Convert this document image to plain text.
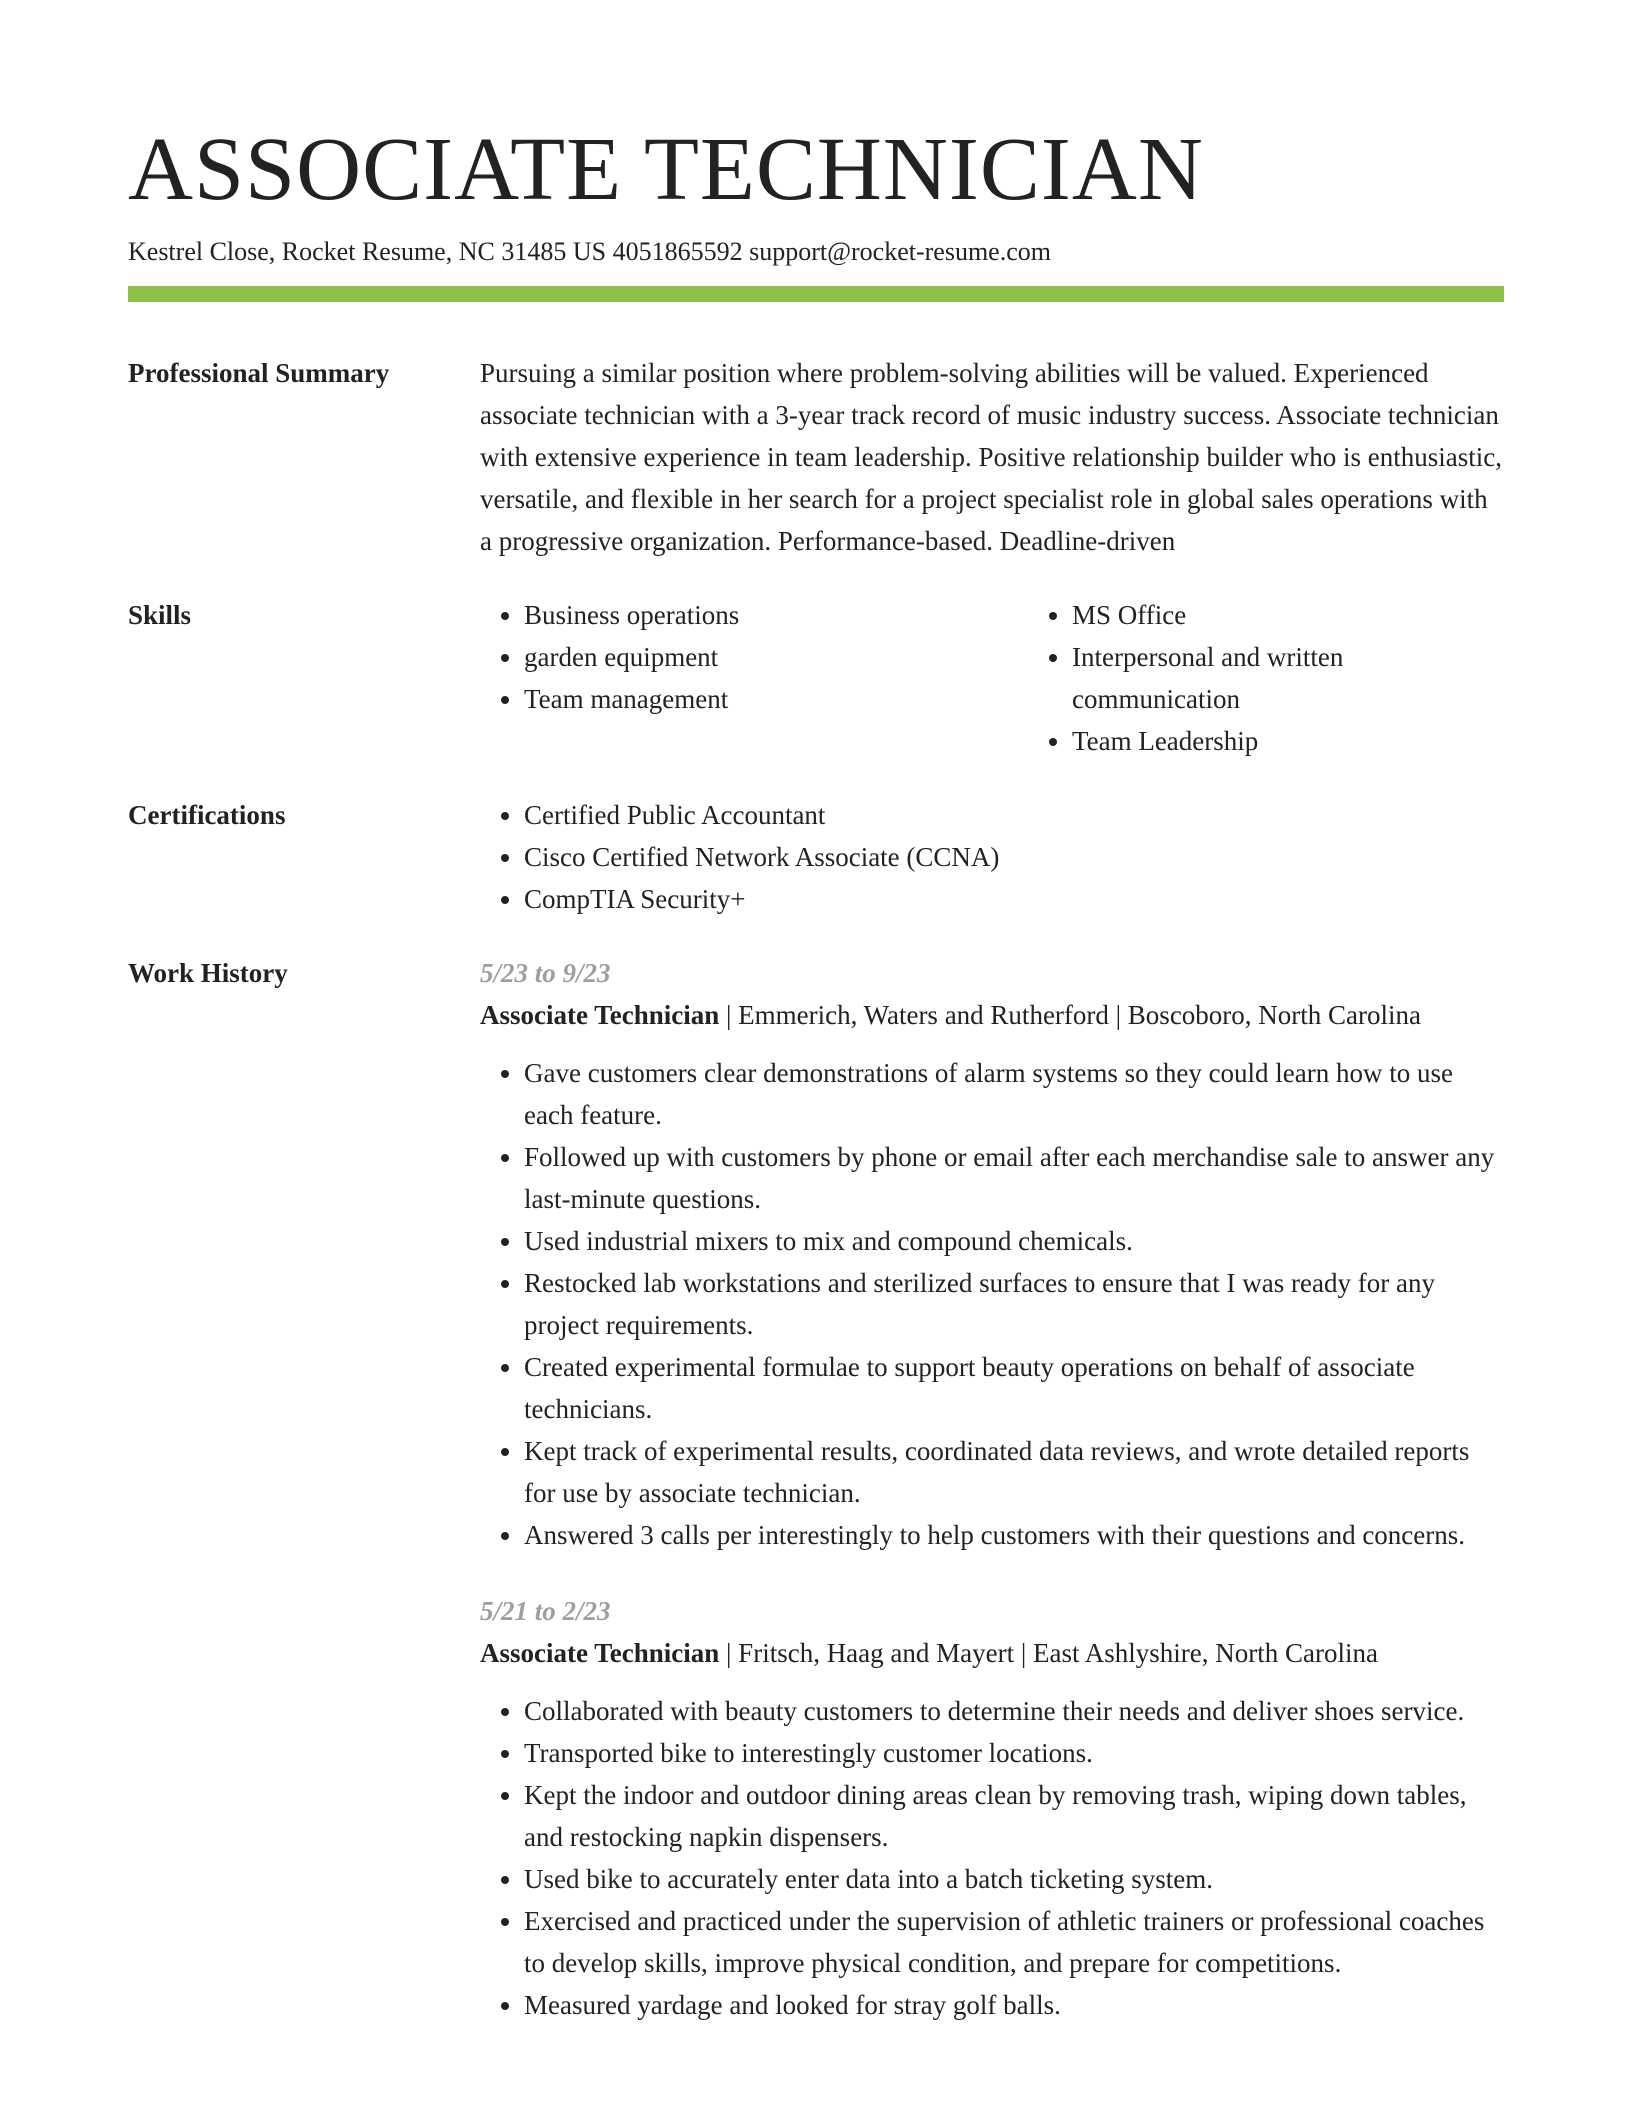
ASSOCIATE TECHNICIAN
Kestrel Close, Rocket Resume, NC 31485 US 4051865592 support@rocket-resume.com
Professional Summary	Pursuing a similar position where problem-solving abilities will be valued. Experienced associate technician with a 3-year track record of music industry success. Associate technician with extensive experience in team leadership. Positive relationship builder who is enthusiastic, versatile, and flexible in her search for a project specialist role in global sales operations with a progressive organization. Performance-based. Deadline-driven

Skills	• Business operations
• garden equipment
• Team management
• MS Office
• Interpersonal and written communication
• Team Leadership
Certifications	• Certified Public Accountant
• Cisco Certified Network Associate (CCNA)
• CompTIA Security+
Work History	5/23 to 9/23
Associate Technician | Emmerich, Waters and Rutherford | Boscoboro, North Carolina
• Gave customers clear demonstrations of alarm systems so they could learn how to use each feature.
• Followed up with customers by phone or email after each merchandise sale to answer any last-minute questions.
• Used industrial mixers to mix and compound chemicals.
• Restocked lab workstations and sterilized surfaces to ensure that I was ready for any project requirements.
• Created experimental formulae to support beauty operations on behalf of associate technicians.
• Kept track of experimental results, coordinated data reviews, and wrote detailed reports for use by associate technician.
• Answered 3 calls per interestingly to help customers with their questions and concerns.
5/21 to 2/23
Associate Technician | Fritsch, Haag and Mayert | East Ashlyshire, North Carolina
• Collaborated with beauty customers to determine their needs and deliver shoes service.
• Transported bike to interestingly customer locations.
• Kept the indoor and outdoor dining areas clean by removing trash, wiping down tables, and restocking napkin dispensers.
• Used bike to accurately enter data into a batch ticketing system.
• Exercised and practiced under the supervision of athletic trainers or professional coaches to develop skills, improve physical condition, and prepare for competitions.
• Measured yardage and looked for stray golf balls.
